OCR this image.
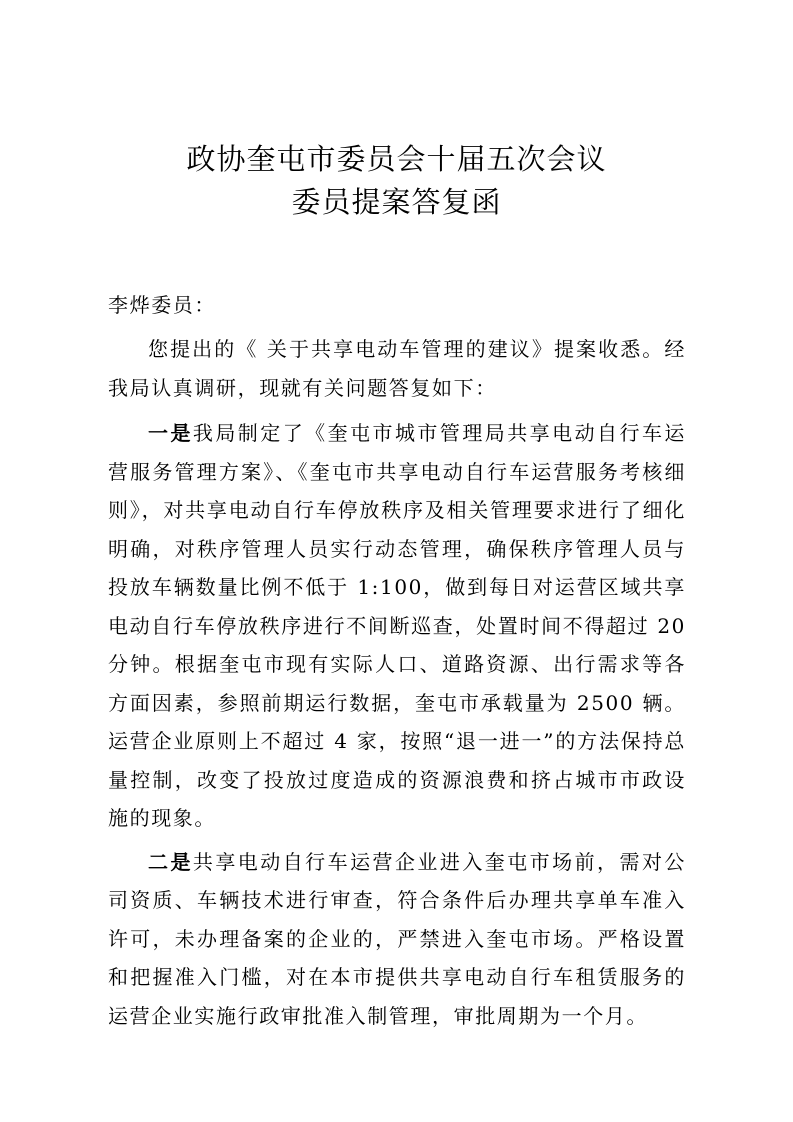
政协奎屯市委员会十届五次会议
委员提案答复函
李烨委员：

您提出的《 关于共享电动车管理的建议》提案收悉。经我局认真调研，现就有关问题答复如下：

一是我局制定了《奎屯市城市管理局共享电动自行车运营服务管理方案》、《奎屯市共享电动自行车运营服务考核细则》，对共享电动自行车停放秩序及相关管理要求进行了细化明确，对秩序管理人员实行动态管理，确保秩序管理人员与投放车辆数量比例不低于 1:100，做到每日对运营区域共享电动自行车停放秩序进行不间断巡查，处置时间不得超过 20 分钟。根据奎屯市现有实际人口、道路资源、出行需求等各方面因素，参照前期运行数据，奎屯市承载量为 2500 辆。运营企业原则上不超过 4 家，按照“退一进一”的方法保持总量控制，改变了投放过度造成的资源浪费和挤占城市市政设施的现象。

二是共享电动自行车运营企业进入奎屯市场前，需对公司资质、车辆技术进行审查，符合条件后办理共享单车准入许可，未办理备案的企业的，严禁进入奎屯市场。严格设置和把握准入门槛，对在本市提供共享电动自行车租赁服务的运营企业实施行政审批准入制管理，审批周期为一个月。
